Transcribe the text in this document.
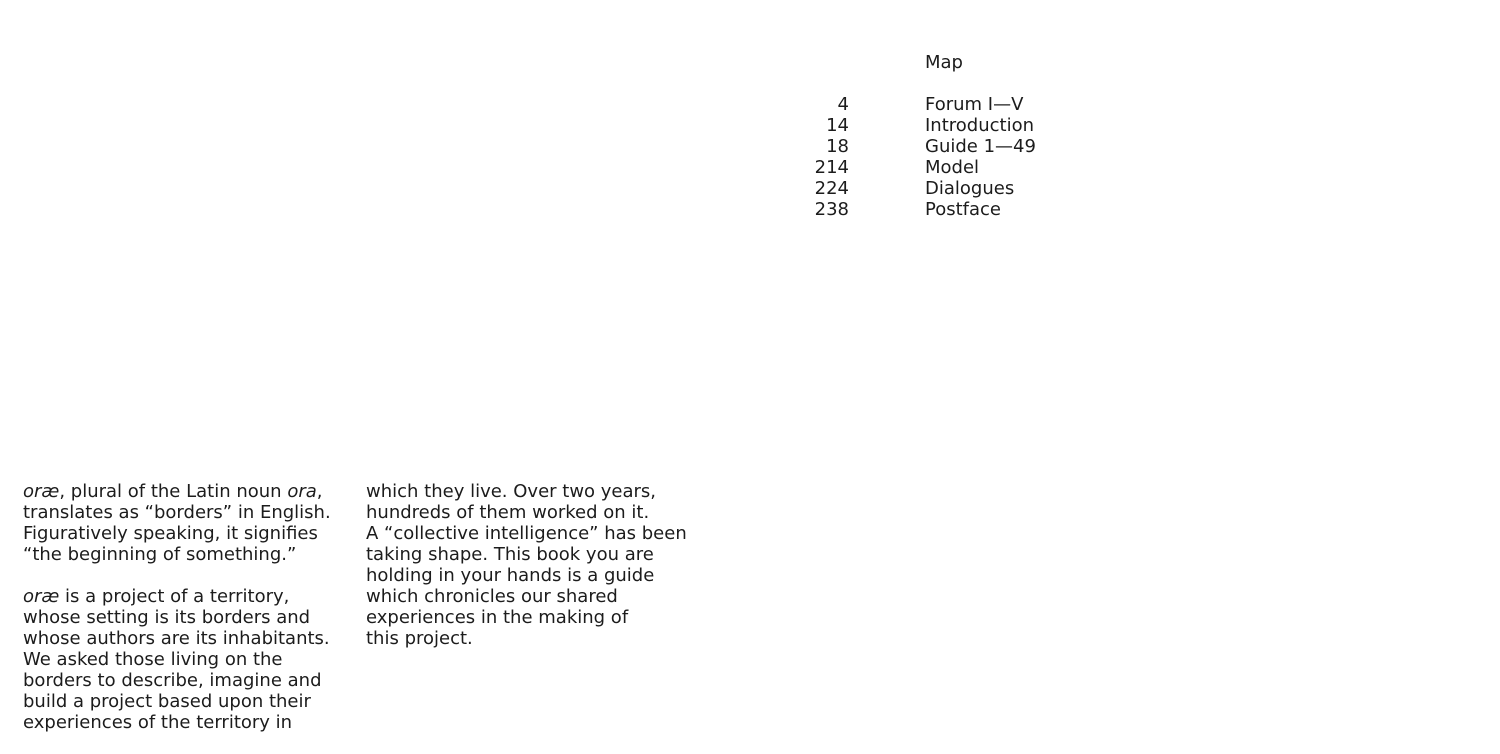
Map
4	Forum I—V
14	Introduction
18	Guide 1—49
214	Model
224	Dialogues
238	Postface

oræ, plural of the Latin noun ora,
translates as “borders” in English.
Figuratively speaking, it signifies
“the beginning of something.”

oræ is a project of a territory,
whose setting is its borders and
whose authors are its inhabitants.
We asked those living on the
borders to describe, imagine and
build a project based upon their
experiences of the territory in

which they live. Over two years,
hundreds of them worked on it.
A “collective intelligence” has been
taking shape. This book you are
holding in your hands is a guide
which chronicles our shared
experiences in the making of
this project.
